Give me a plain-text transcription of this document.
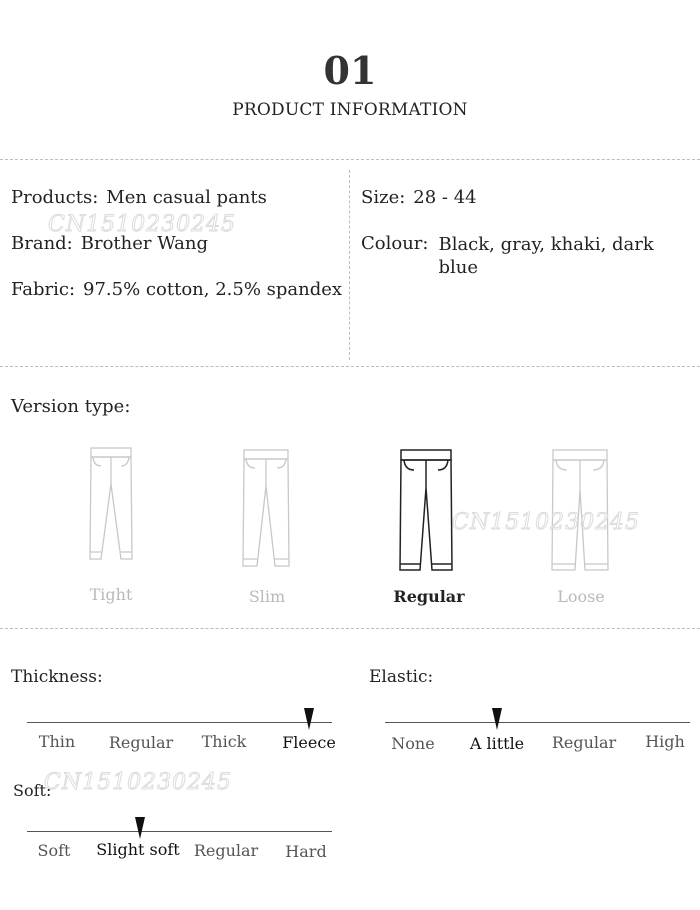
01
PRODUCT INFORMATION
Products: Men casual pants
Brand: Brother Wang
Fabric: 97.5% cotton, 2.5% spandex
Size: 28 - 44
Colour: Black, gray, khaki, dark blue
CN1510230245
Version type:
CN1510230245
Tight	Slim	Regular	Loose
Thickness:
Thin	Regular	Thick	Fleece
Elastic:
None	A little	Regular	High
CN1510230245
Soft:
Soft	Slight soft Regular	Hard
